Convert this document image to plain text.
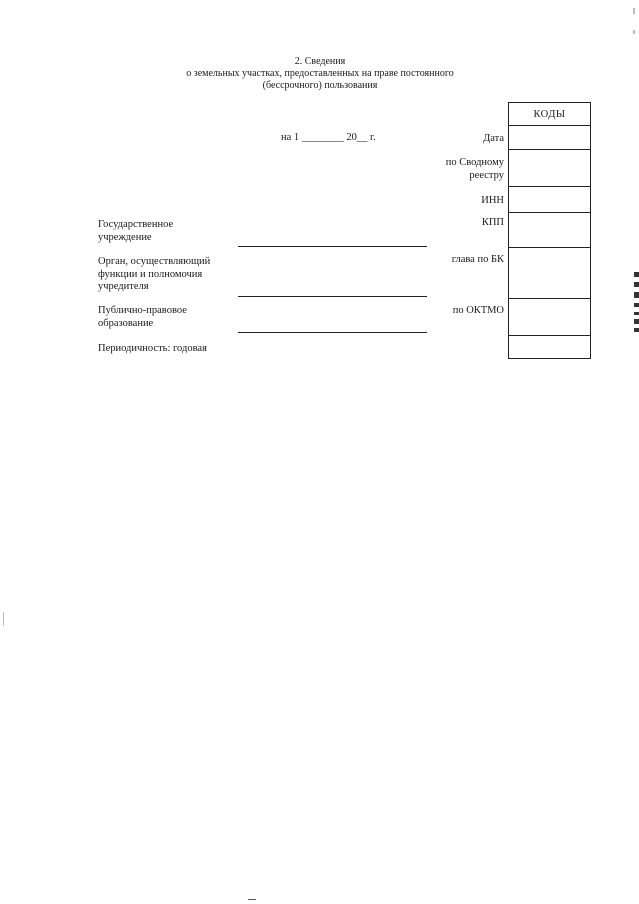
2. Сведения
о земельных участках, предоставленных на праве постоянного
(бессрочного) пользования
на 1 ________ 20__ г.	Дата
по Сводному
реестру
ИНН
КПП
глава по БК
по ОКТМО
Государственное
учреждение
Орган, осуществляющий
функции и полномочия
учредителя
Публично-правовое
образование
Периодичность: годовая
КОДЫ
